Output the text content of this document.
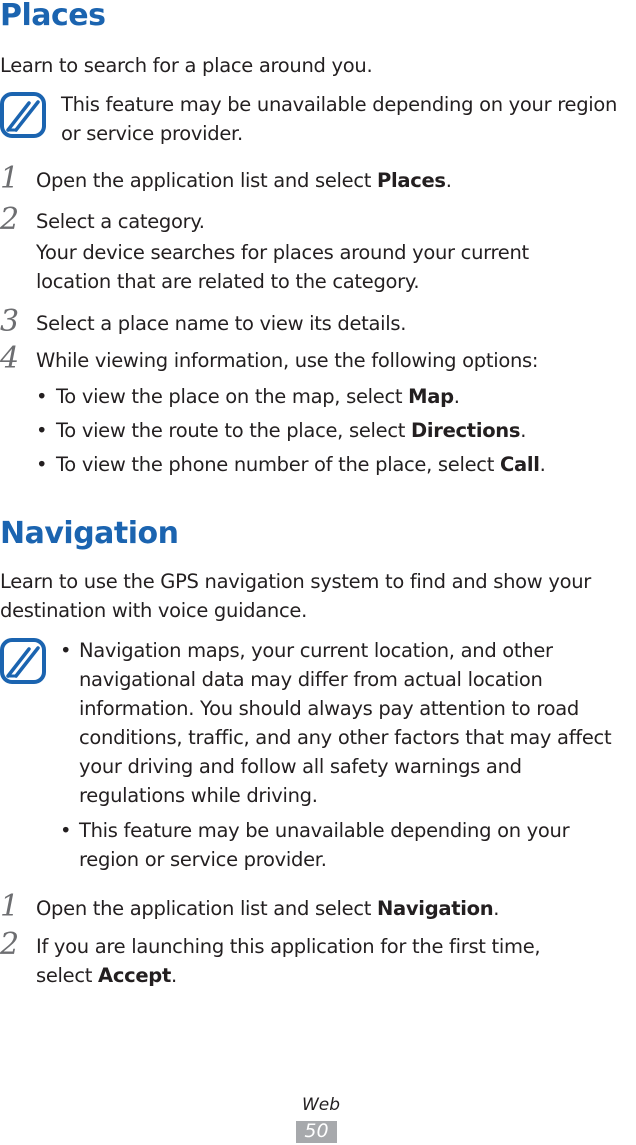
Places

Learn to search for a place around you.

This feature may be unavailable depending on your region or service provider.

1 Open the application list and select Places.

2 Select a category.

Your device searches for places around your current location that are related to the category.

3 Select a place name to view its details.

4 While viewing information, use the following options:

• To view the place on the map, select Map.

• To view the route to the place, select Directions.

• To view the phone number of the place, select Call.

Navigation

Learn to use the GPS navigation system to find and show your destination with voice guidance.

• Navigation maps, your current location, and other navigational data may differ from actual location information. You should always pay attention to road conditions, traffic, and any other factors that may affect your driving and follow all safety warnings and regulations while driving.

• This feature may be unavailable depending on your region or service provider.

1 Open the application list and select Navigation.

2 If you are launching this application for the first time, select Accept.

Web
50
